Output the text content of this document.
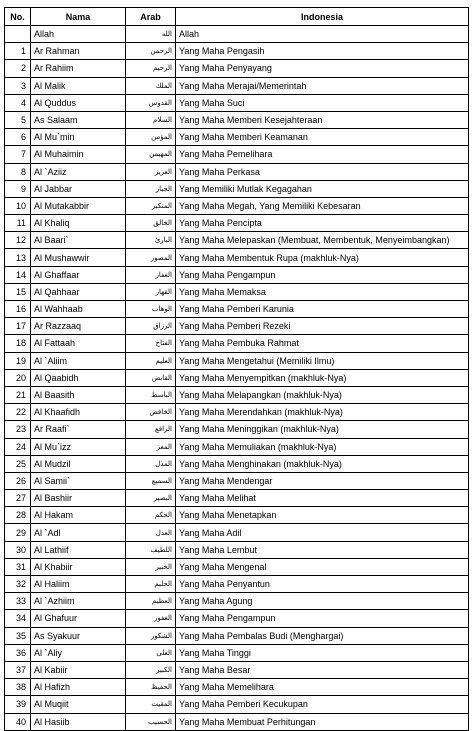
No.	Nama	Arab	Indonesia
	Allah	الله	Allah
1	Ar Rahman	الرحمن	Yang Maha Pengasih
2	Ar Rahiim	الرحيم	Yang Maha Penyayang
3	Al Malik	الملك	Yang Maha Merajai/Memerintah
4	Al Quddus	القدوس	Yang Maha Suci
5	As Salaam	السلام	Yang Maha Memberi Kesejahteraan
6	Al Mu`min	المؤمن	Yang Maha Memberi Keamanan
7	Al Muhaimin	المهيمن	Yang Maha Pemelihara
8	Al `Aziiz	العزيز	Yang Maha Perkasa
9	Al Jabbar	الجبار	Yang Memiliki Mutlak Kegagahan
10	Al Mutakabbir	المتكبر	Yang Maha Megah, Yang Memiliki Kebesaran
11	Al Khaliq	الخالق	Yang Maha Pencipta
12	Al Baari`	البارئ	Yang Maha Melepaskan (Membuat, Membentuk, Menyeimbangkan)
13	Al Mushawwir	المصور	Yang Maha Membentuk Rupa (makhluk-Nya)
14	Al Ghaffaar	الغفار	Yang Maha Pengampun
15	Al Qahhaar	القهار	Yang Maha Memaksa
16	Al Wahhaab	الوهاب	Yang Maha Pemberi Karunia
17	Ar Razzaaq	الرزاق	Yang Maha Pemberi Rezeki
18	Al Fattaah	الفتاح	Yang Maha Pembuka Rahmat
19	Al `Aliim	العليم	Yang Maha Mengetahui (Memiliki Ilmu)
20	Al Qaabidh	القابض	Yang Maha Menyempitkan (makhluk-Nya)
21	Al Baasith	الباسط	Yang Maha Melapangkan (makhluk-Nya)
22	Al Khaafidh	الخافض	Yang Maha Merendahkan (makhluk-Nya)
23	Ar Raafi`	الرافع	Yang Maha Meninggikan (makhluk-Nya)
24	Al Mu`izz	المعز	Yang Maha Memuliakan (makhluk-Nya)
25	Al Mudzil	المذل	Yang Maha Menghinakan (makhluk-Nya)
26	Al Samii`	السميع	Yang Maha Mendengar
27	Al Bashiir	البصير	Yang Maha Melihat
28	Al Hakam	الحكم	Yang Maha Menetapkan
29	Al `Adl	العدل	Yang Maha Adil
30	Al Lathiif	اللطيف	Yang Maha Lembut
31	Al Khabiir	الخبير	Yang Maha Mengenal
32	Al Haliim	الحليم	Yang Maha Penyantun
33	Al `Azhiim	العظيم	Yang Maha Agung
34	Al Ghafuur	الغفور	Yang Maha Pengampun
35	As Syakuur	الشكور	Yang Maha Pembalas Budi (Menghargai)
36	Al `Aliy	العلى	Yang Maha Tinggi
37	Al Kabiir	الكبير	Yang Maha Besar
38	Al Hafizh	الحفيظ	Yang Maha Memelihara
39	Al Muqiit	المقيت	Yang Maha Pemberi Kecukupan
40	Al Hasiib	الحسيب	Yang Maha Membuat Perhitungan
